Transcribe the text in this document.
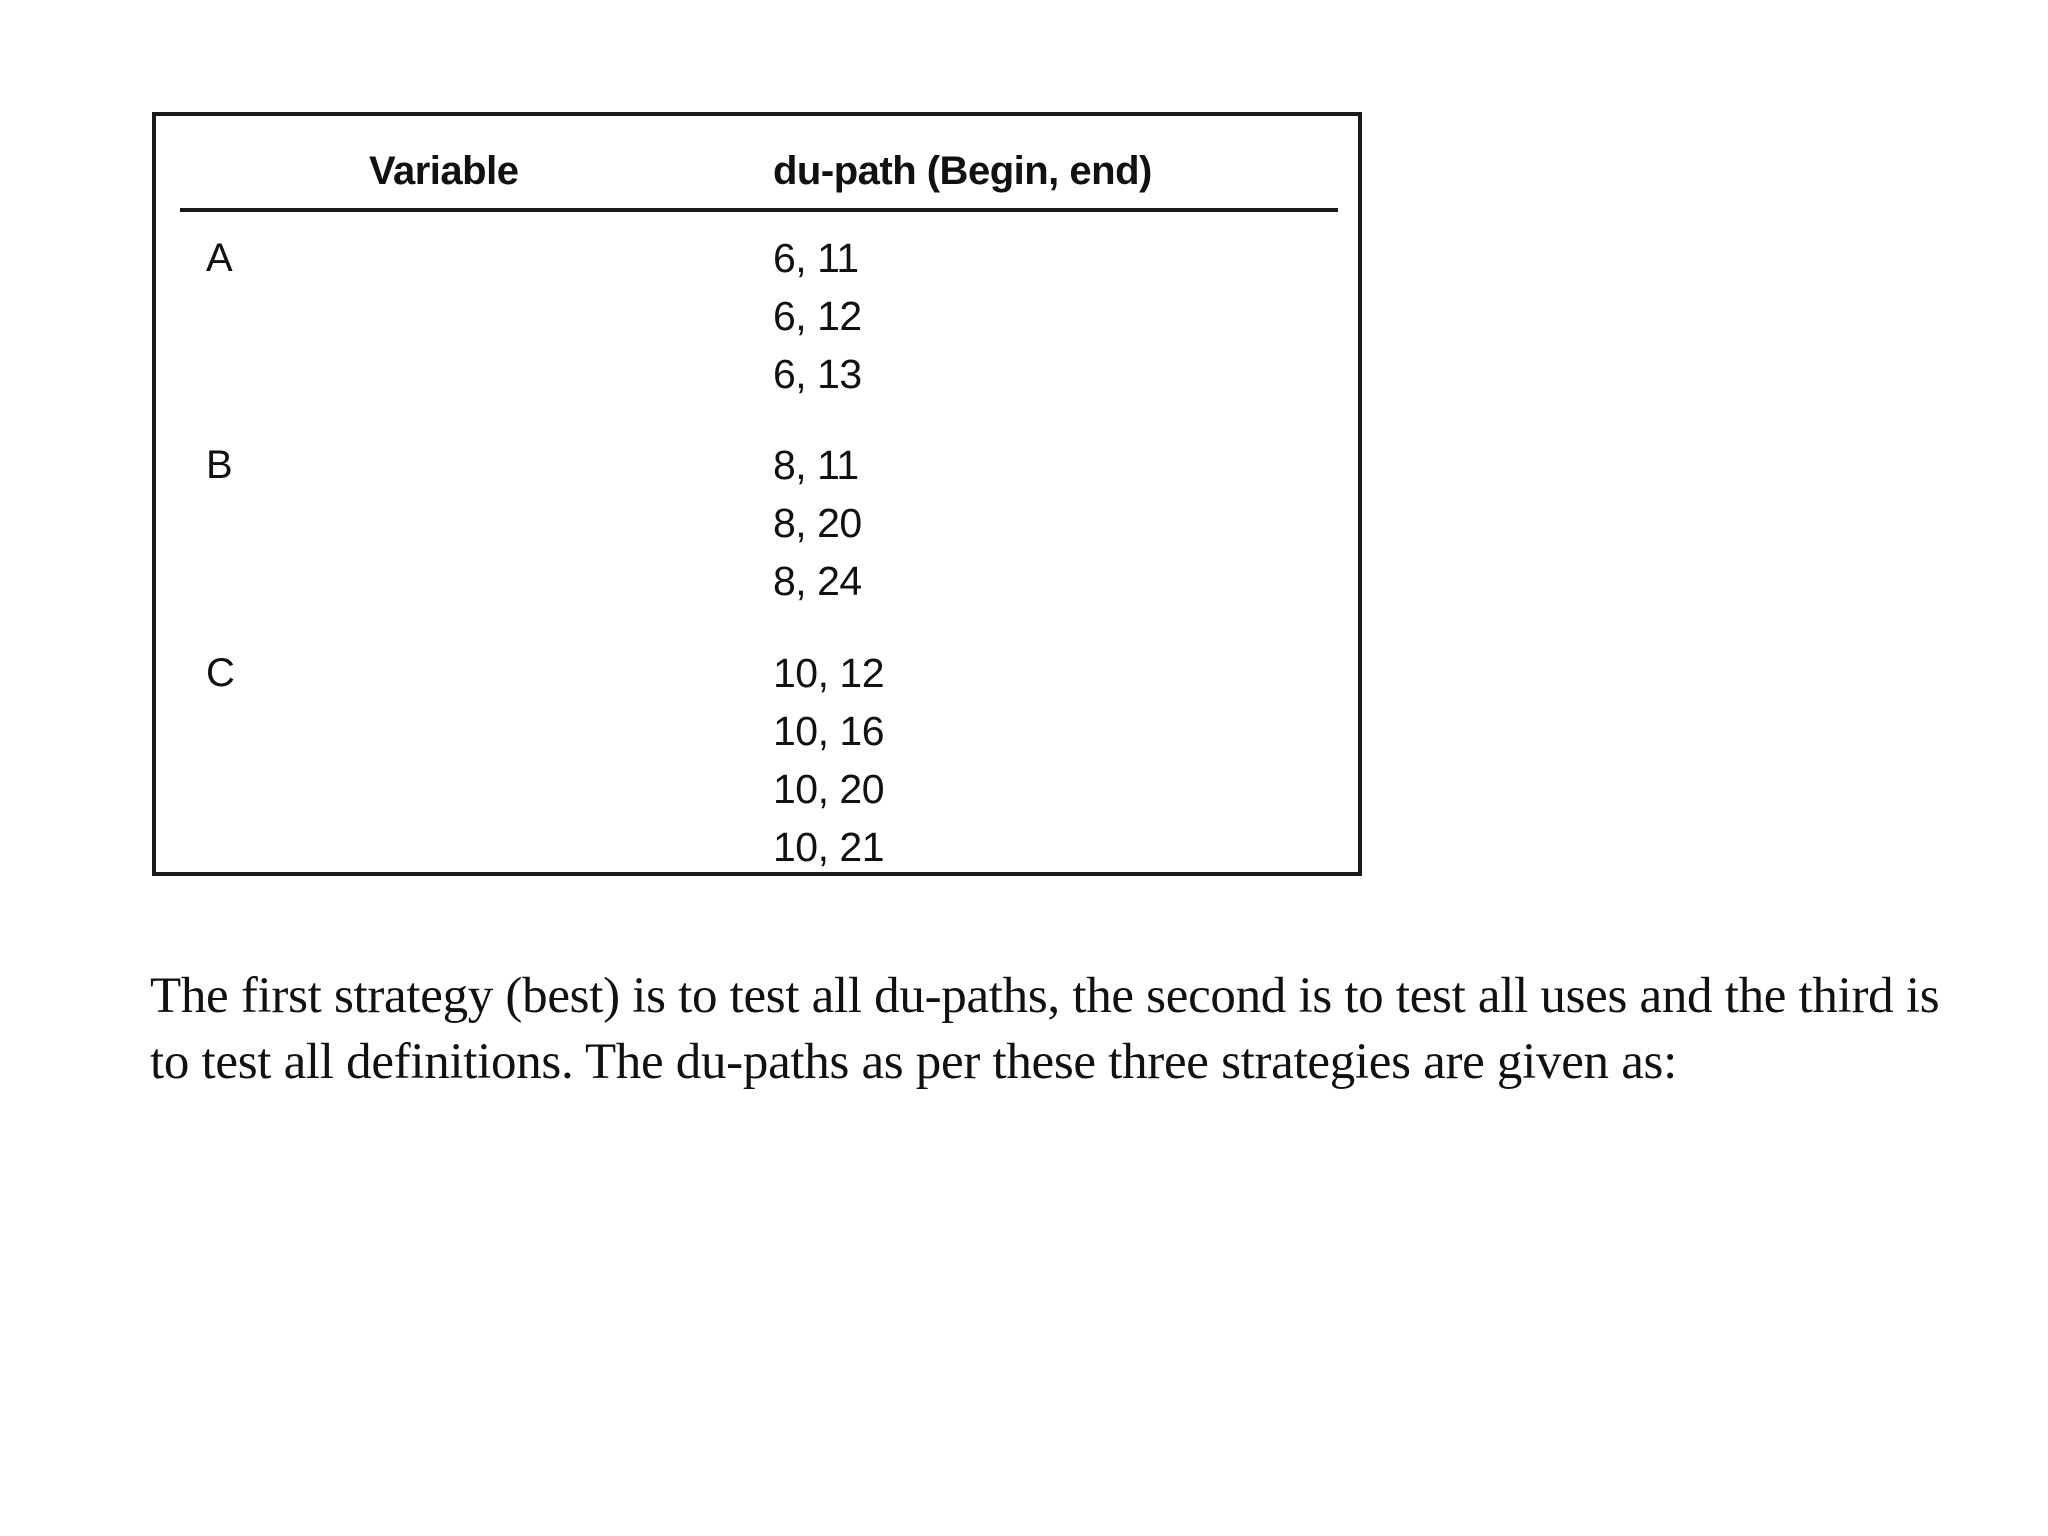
Variable	du-path (Begin, end)
A	6, 11
6, 12
6, 13
B	8, 11
8, 20
8, 24
C	10, 12
10, 16
10, 20
10, 21

The first strategy (best) is to test all du-paths, the second is to test all uses and the third is to test all definitions. The du-paths as per these three strategies are given as:
